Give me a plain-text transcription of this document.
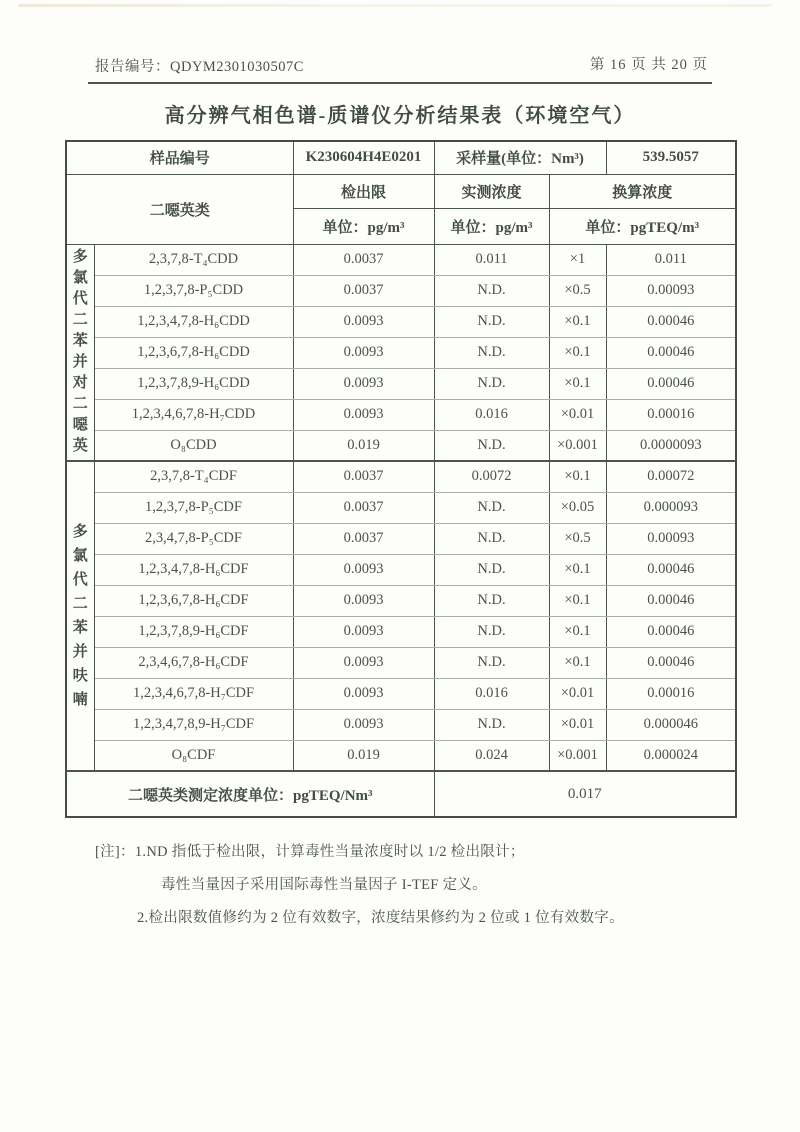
报告编号：QDYM2301030507C	第 16 页 共 20 页
高分辨气相色谱-质谱仪分析结果表（环境空气）
样品编号		K230604H4E0201	采样量(单位：Nm³)		539.5057
二噁英类		检出限	实测浓度	换算浓度	
		单位：pg/m³	单位：pg/m³	单位：pgTEQ/m³	
多氯代二苯并对二噁英	2,3,7,8-T₄CDD	0.0037	0.011	×1	0.011
	1,2,3,7,8-P₅CDD	0.0037	N.D.	×0.5	0.00093
	1,2,3,4,7,8-H₆CDD	0.0093	N.D.	×0.1	0.00046
	1,2,3,6,7,8-H₆CDD	0.0093	N.D.	×0.1	0.00046
	1,2,3,7,8,9-H₆CDD	0.0093	N.D.	×0.1	0.00046
	1,2,3,4,6,7,8-H₇CDD	0.0093	0.016	×0.01	0.00016
	O₈CDD	0.019	N.D.	×0.001	0.0000093
多氯代二苯并呋喃	2,3,7,8-T₄CDF	0.0037	0.0072	×0.1	0.00072
	1,2,3,7,8-P₅CDF	0.0037	N.D.	×0.05	0.000093
	2,3,4,7,8-P₅CDF	0.0037	N.D.	×0.5	0.00093
	1,2,3,4,7,8-H₆CDF	0.0093	N.D.	×0.1	0.00046
	1,2,3,6,7,8-H₆CDF	0.0093	N.D.	×0.1	0.00046
	1,2,3,7,8,9-H₆CDF	0.0093	N.D.	×0.1	0.00046
	2,3,4,6,7,8-H₆CDF	0.0093	N.D.	×0.1	0.00046
	1,2,3,4,6,7,8-H₇CDF	0.0093	0.016	×0.01	0.00016
	1,2,3,4,7,8,9-H₇CDF	0.0093	N.D.	×0.01	0.000046
	O₈CDF	0.019	0.024	×0.001	0.000024
二噁英类测定浓度单位：pgTEQ/Nm³			0.017		
[注]：1.ND 指低于检出限，计算毒性当量浓度时以 1/2 检出限计；
毒性当量因子采用国际毒性当量因子 I-TEF 定义。
2.检出限数值修约为 2 位有效数字，浓度结果修约为 2 位或 1 位有效数字。
